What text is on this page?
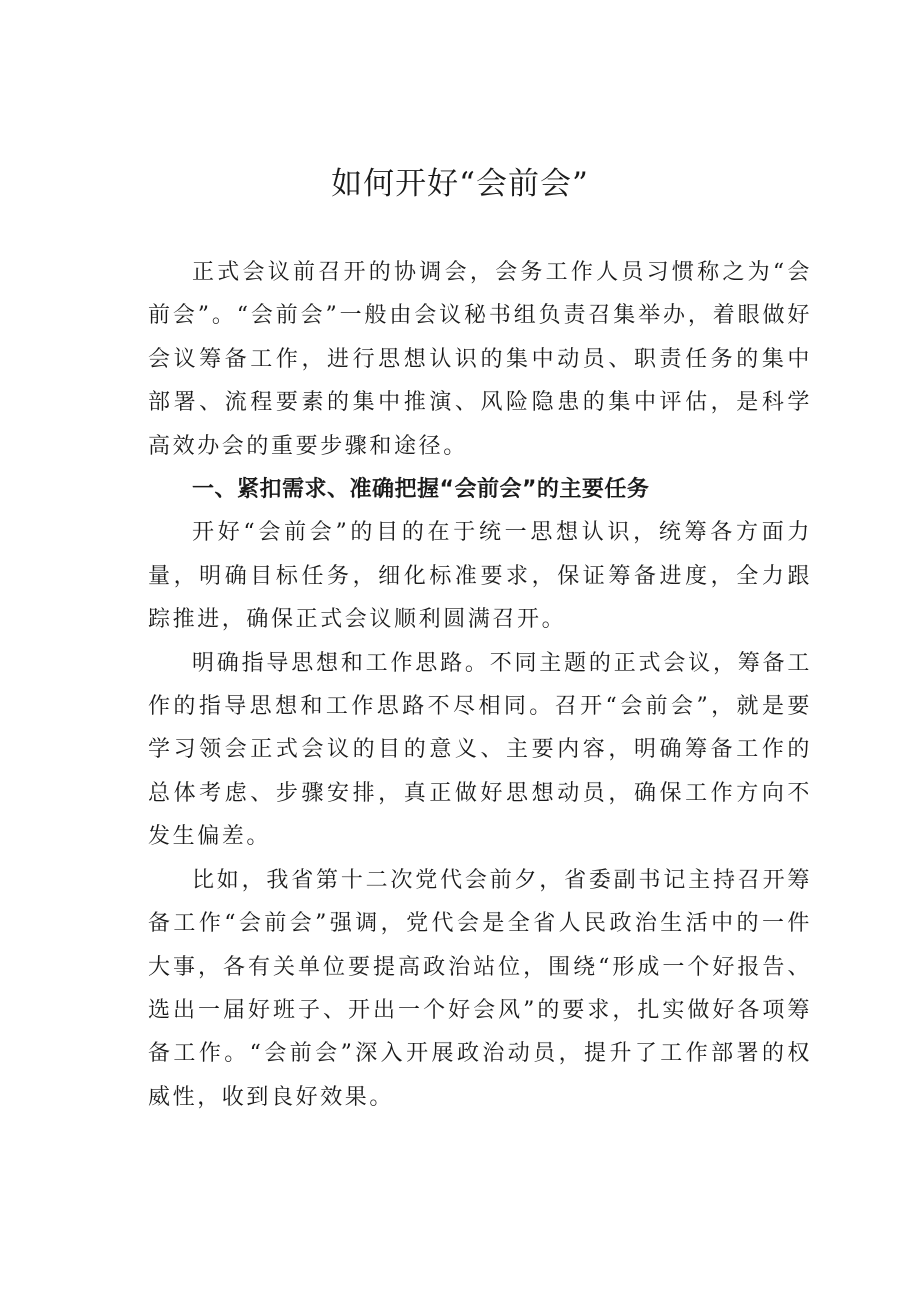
如何开好“会前会”

正式会议前召开的协调会，会务工作人员习惯称之为“会前会”。“会前会”一般由会议秘书组负责召集举办，着眼做好会议筹备工作，进行思想认识的集中动员、职责任务的集中部署、流程要素的集中推演、风险隐患的集中评估，是科学高效办会的重要步骤和途径。

一、紧扣需求、准确把握“会前会”的主要任务

开好“会前会”的目的在于统一思想认识，统筹各方面力量，明确目标任务，细化标准要求，保证筹备进度，全力跟踪推进，确保正式会议顺利圆满召开。

明确指导思想和工作思路。不同主题的正式会议，筹备工作的指导思想和工作思路不尽相同。召开“会前会”，就是要学习领会正式会议的目的意义、主要内容，明确筹备工作的总体考虑、步骤安排，真正做好思想动员，确保工作方向不发生偏差。

比如，我省第十二次党代会前夕，省委副书记主持召开筹备工作“会前会”强调，党代会是全省人民政治生活中的一件大事，各有关单位要提高政治站位，围绕“形成一个好报告、选出一届好班子、开出一个好会风”的要求，扎实做好各项筹备工作。“会前会”深入开展政治动员，提升了工作部署的权威性，收到良好效果。
